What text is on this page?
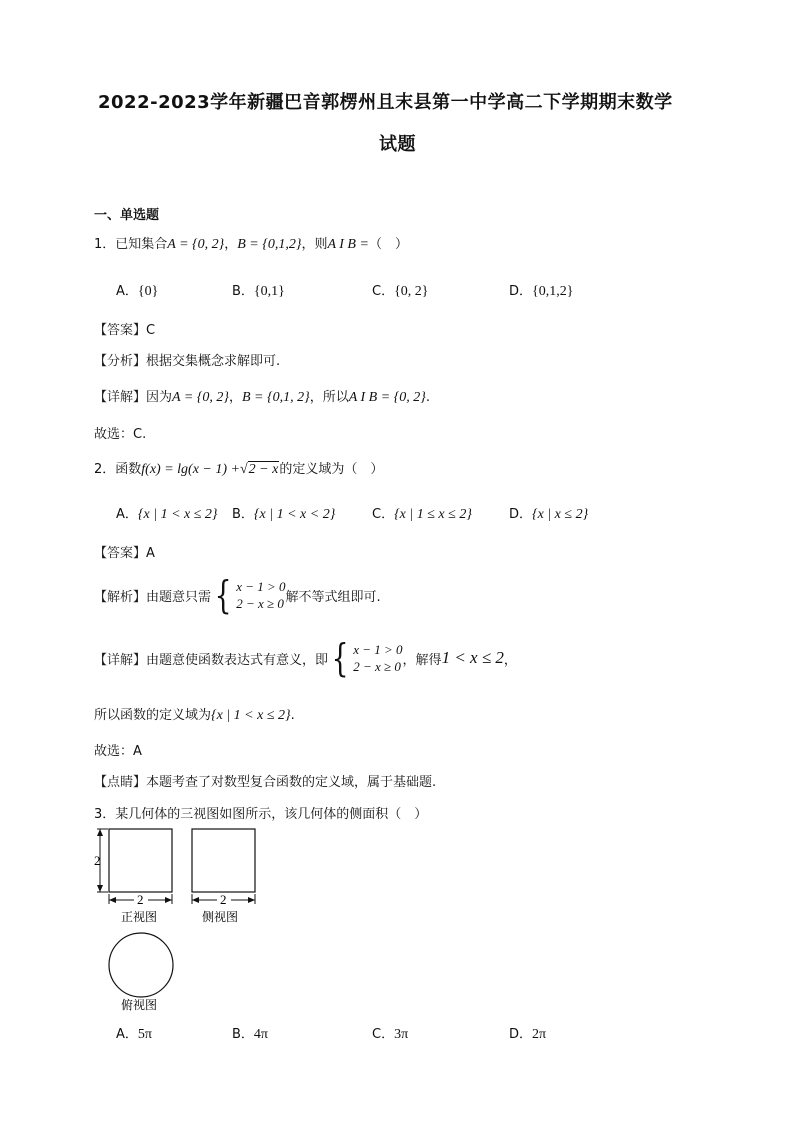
2022-2023学年新疆巴音郭楞州且末县第一中学高二下学期期末数学
试题
一、单选题
1．已知集合A = {0, 2}，B = {0,1,2}，则A I B =（　）
A．{0}	B．{0,1}	C．{0, 2}	D．{0,1,2}
【答案】C
【分析】根据交集概念求解即可.
【详解】因为A = {0, 2}，B = {0,1, 2}，所以A I B = {0, 2}.
故选：C.
2．函数f(x) = lg(x − 1) +√2 − x的定义域为（　）
A．{x | 1 < x ≤ 2} B．{x | 1 < x < 2}	C．{x | 1 ≤ x ≤ 2}	D．{x | x ≤ 2}
【答案】A
【解析】 由题意只需 { x − 1 > 0
2 − x ≥ 0 解不等式组即可.
【详解】 由题意使函数表达式有意义，即 { x − 1 > 0
2 − x ≥ 0 ，解得 1 < x ≤ 2 ，
所以函数的定义域为{x | 1 < x ≤ 2}.
故选：A
【点睛】本题考查了对数型复合函数的定义域，属于基础题.
3．某几何体的三视图如图所示，该几何体的侧面积（　）
2
2	2
正视图	侧视图
俯视图
A．5π	B．4π	C．3π	D．2π
